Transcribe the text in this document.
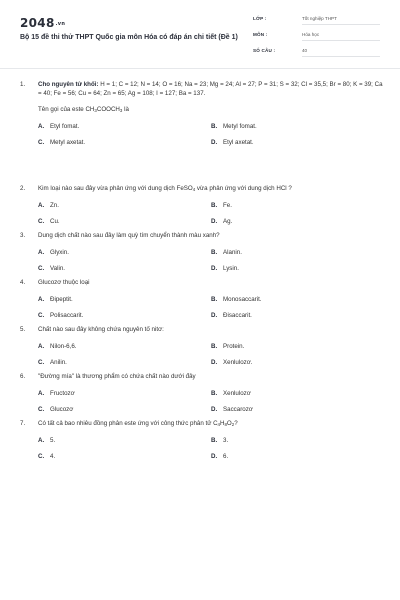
2048.vn
Bộ 15 đề thi thử THPT Quốc gia môn Hóa có đáp án chi tiết (Đề 1)
LỚP :	Tốt nghiệp THPT
MÔN :	Hóa học
SỐ CÂU :	40
1.	Cho nguyên tử khối: H = 1; C = 12; N = 14; O = 16; Na = 23; Mg = 24; Al = 27; P = 31; S = 32; Cl = 35,5; Br = 80; K = 39; Ca = 40; Fe = 56; Cu = 64; Zn = 65; Ag = 108; I = 127; Ba = 137.
Tên gọi của este $CH_3COOCH_3$ là
A. Etyl fomat.	B. Metyl fomat.
C. Metyl axetat.	D. Etyl axetat.
2.	Kim loại nào sau đây vừa phản ứng với dung dịch FeSO$_4$ vừa phản ứng với dung dịch HCl ?
A. Zn.	B. Fe.
C. Cu.	D. Ag.
3.	Dung dịch chất nào sau đây làm quỳ tím chuyển thành màu xanh?
A. Glyxin.	B. Alanin.
C. Valin.	D. Lysin.
4.	Glucozơ thuộc loại
A. Đipeptit.	B. Monosaccarit.
C. Polisaccarit.	D. Đisaccarit.
5.	Chất nào sau đây không chứa nguyên tố nitơ:
A. Nilon-6,6.	B. Protein.
C. Anilin.	D. Xenlulozơ.
6.	"Đường mía" là thương phẩm có chứa chất nào dưới đây
A. Fructozơ	B. Xenlulozơ
C. Glucozơ	D. Saccarozơ
7.	Có tất cả bao nhiêu đồng phân este ứng với công thức phân tử $C_4H_8O_2$?
A. 5.	B. 3.
C. 4.	D. 6.
